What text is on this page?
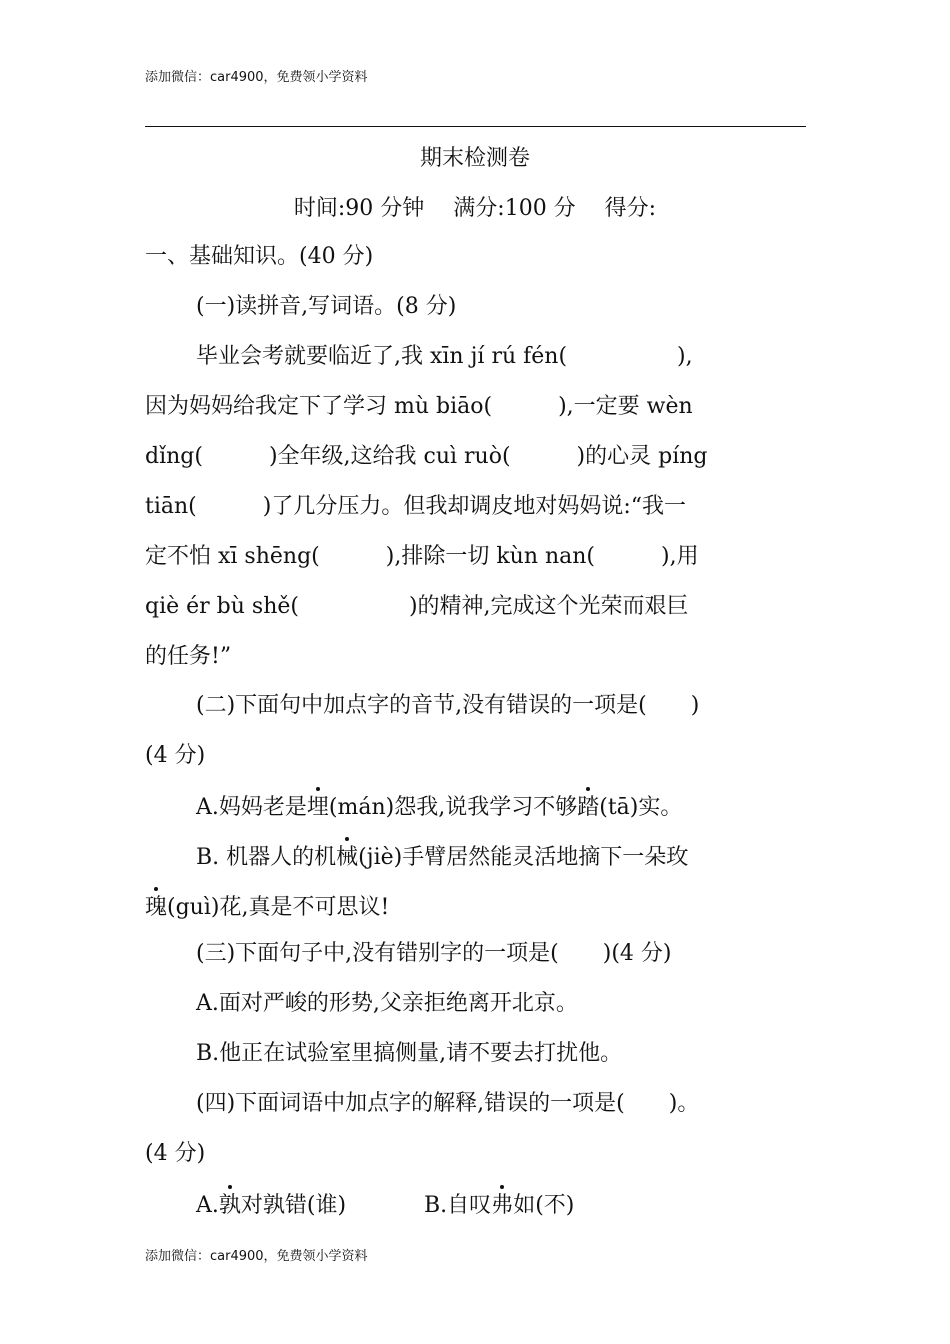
添加微信：car4900，免费领小学资料
期末检测卷
时间:90 分钟　 满分:100 分　 得分:
一、基础知识。(40 分)
(一)读拼音,写词语。(8 分)
毕业会考就要临近了,我 xīn jí rú fén(　　　　　),
因为妈妈给我定下了学习 mù biāo(　　　),一定要 wèn
dǐng(　　　)全年级,这给我 cuì ruò(　　　)的心灵 píng
tiān(　　　)了几分压力。但我却调皮地对妈妈说:“我一
定不怕 xī shēng(　　　),排除一切 kùn nan(　　　),用
qiè ér bù shě(　　　　　)的精神,完成这个光荣而艰巨
的任务!”
(二)下面句中加点字的音节,没有错误的一项是(　　)
(4 分)
A.妈妈老是埋(mán)怨我,说我学习不够踏(tā)实。
B. 机器人的机械(jiè)手臂居然能灵活地摘下一朵玫
瑰(guì)花,真是不可思议!
(三)下面句子中,没有错别字的一项是(　　)(4 分)
A.面对严峻的形势,父亲拒绝离开北京。
B.他正在试验室里搞侧量,请不要去打扰他。
(四)下面词语中加点字的解释,错误的一项是(　　)。
(4 分)
A.孰对孰错(谁)	B.自叹弗如(不)
添加微信：car4900，免费领小学资料
